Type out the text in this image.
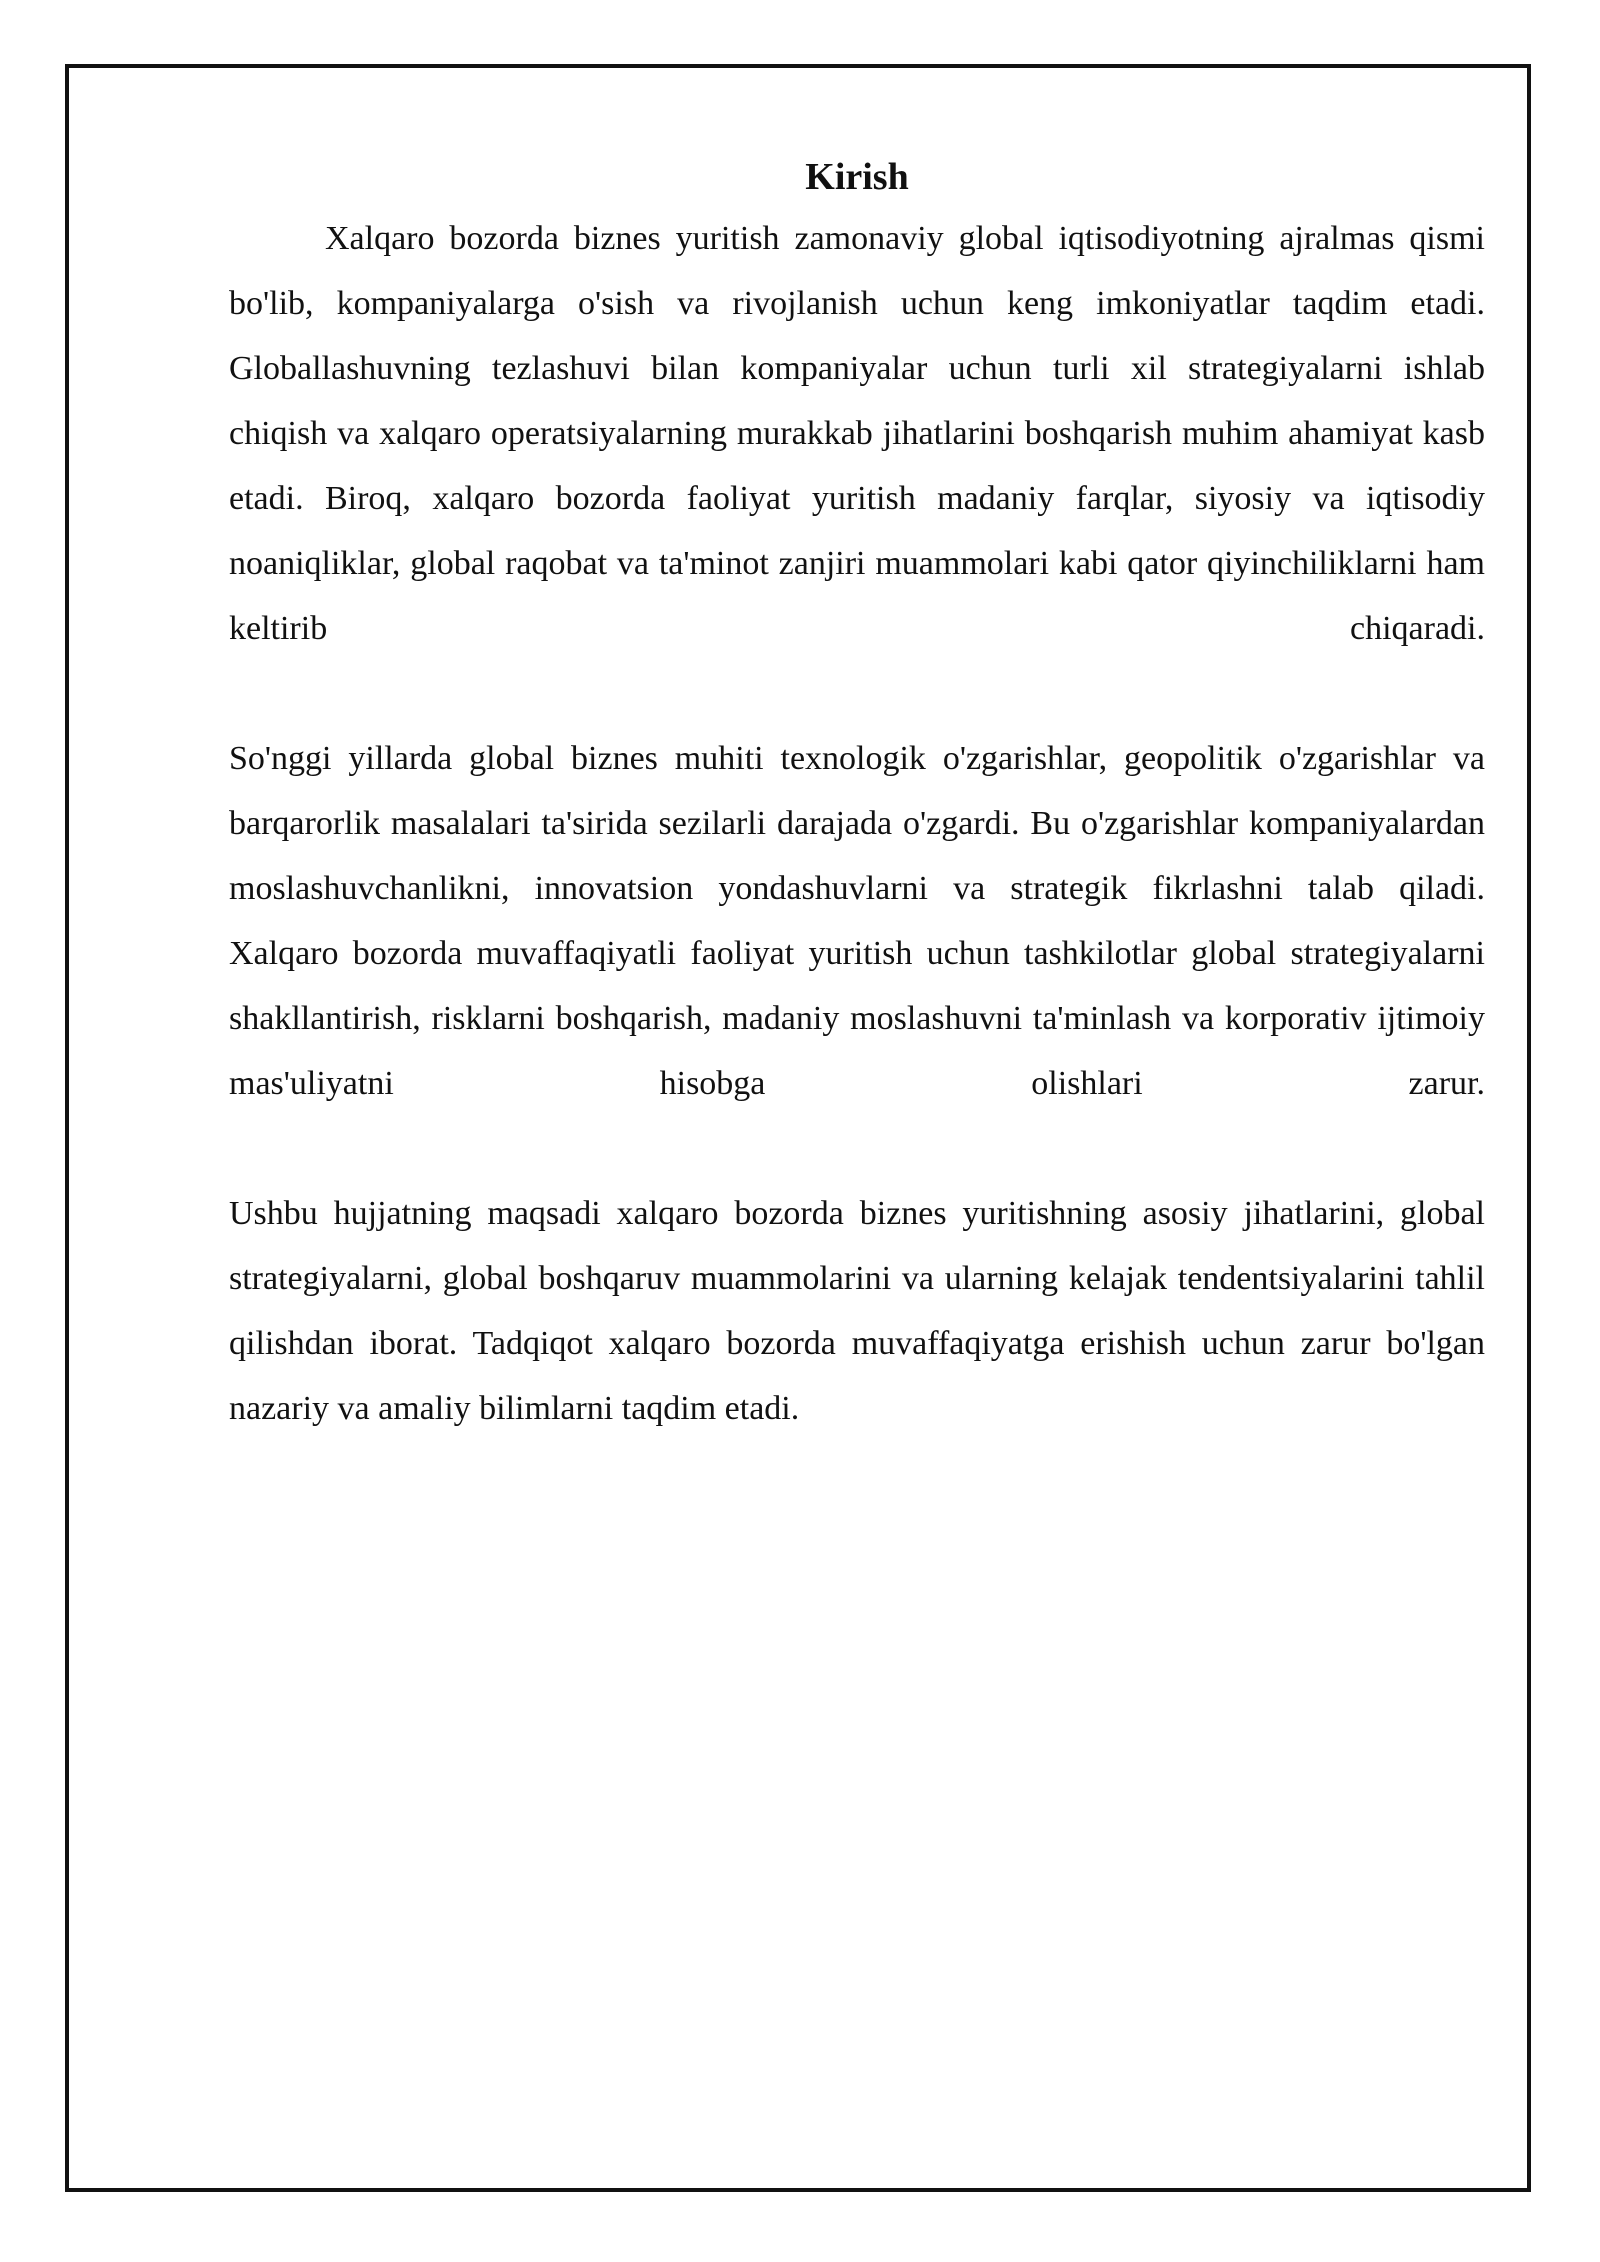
Kirish

Xalqaro bozorda biznes yuritish zamonaviy global iqtisodiyotning ajralmas qismi bo'lib, kompaniyalarga o'sish va rivojlanish uchun keng imkoniyatlar taqdim etadi. Globallashuvning tezlashuvi bilan kompaniyalar uchun turli xil strategiyalarni ishlab chiqish va xalqaro operatsiyalarning murakkab jihatlarini boshqarish muhim ahamiyat kasb etadi. Biroq, xalqaro bozorda faoliyat yuritish madaniy farqlar, siyosiy va iqtisodiy noaniqliklar, global raqobat va ta'minot zanjiri muammolari kabi qator qiyinchiliklarni ham keltirib chiqaradi.

So'nggi yillarda global biznes muhiti texnologik o'zgarishlar, geopolitik o'zgarishlar va barqarorlik masalalari ta'sirida sezilarli darajada o'zgardi. Bu o'zgarishlar kompaniyalardan moslashuvchanlikni, innovatsion yondashuvlarni va strategik fikrlashni talab qiladi. Xalqaro bozorda muvaffaqiyatli faoliyat yuritish uchun tashkilotlar global strategiyalarni shakllantirish, risklarni boshqarish, madaniy moslashuvni ta'minlash va korporativ ijtimoiy mas'uliyatni hisobga olishlari zarur.

Ushbu hujjatning maqsadi xalqaro bozorda biznes yuritishning asosiy jihatlarini, global strategiyalarni, global boshqaruv muammolarini va ularning kelajak tendentsiyalarini tahlil qilishdan iborat. Tadqiqot xalqaro bozorda muvaffaqiyatga erishish uchun zarur bo'lgan nazariy va amaliy bilimlarni taqdim etadi.
